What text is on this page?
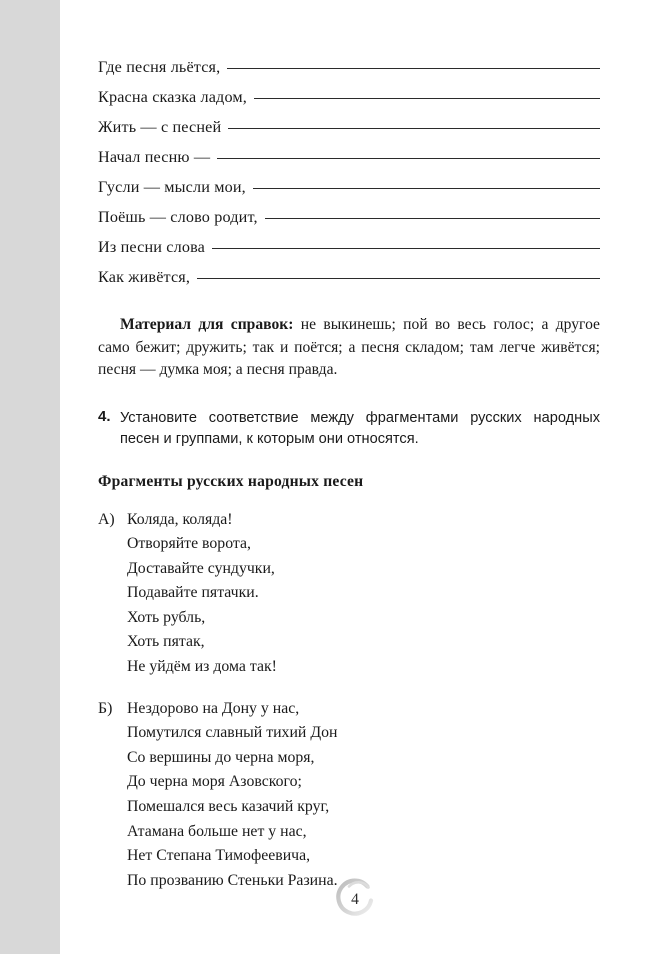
Где песня льётся,
Красна сказка ладом,
Жить — с песней
Начал песню —
Гусли — мысли мои,
Поёшь — слово родит,
Из песни слова
Как живётся,

Материал для справок: не выкинешь; пой во весь голос; а другое само бежит; дружить; так и поётся; а песня складом; там легче живётся; песня — думка моя; а песня правда.

4. Установите соответствие между фрагментами русских народных песен и группами, к которым они относятся.

Фрагменты русских народных песен
А) Коляда, коляда!
Отворяйте ворота,
Доставайте сундучки,
Подавайте пятачки.
Хоть рубль,
Хоть пятак,
Не уйдём из дома так!
Б) Нездорово на Дону у нас,
Помутился славный тихий Дон
Со вершины до черна моря,
До черна моря Азовского;
Помешался весь казачий круг,
Атамана больше нет у нас,
Нет Степана Тимофеевича,
По прозванию Стеньки Разина.
4
